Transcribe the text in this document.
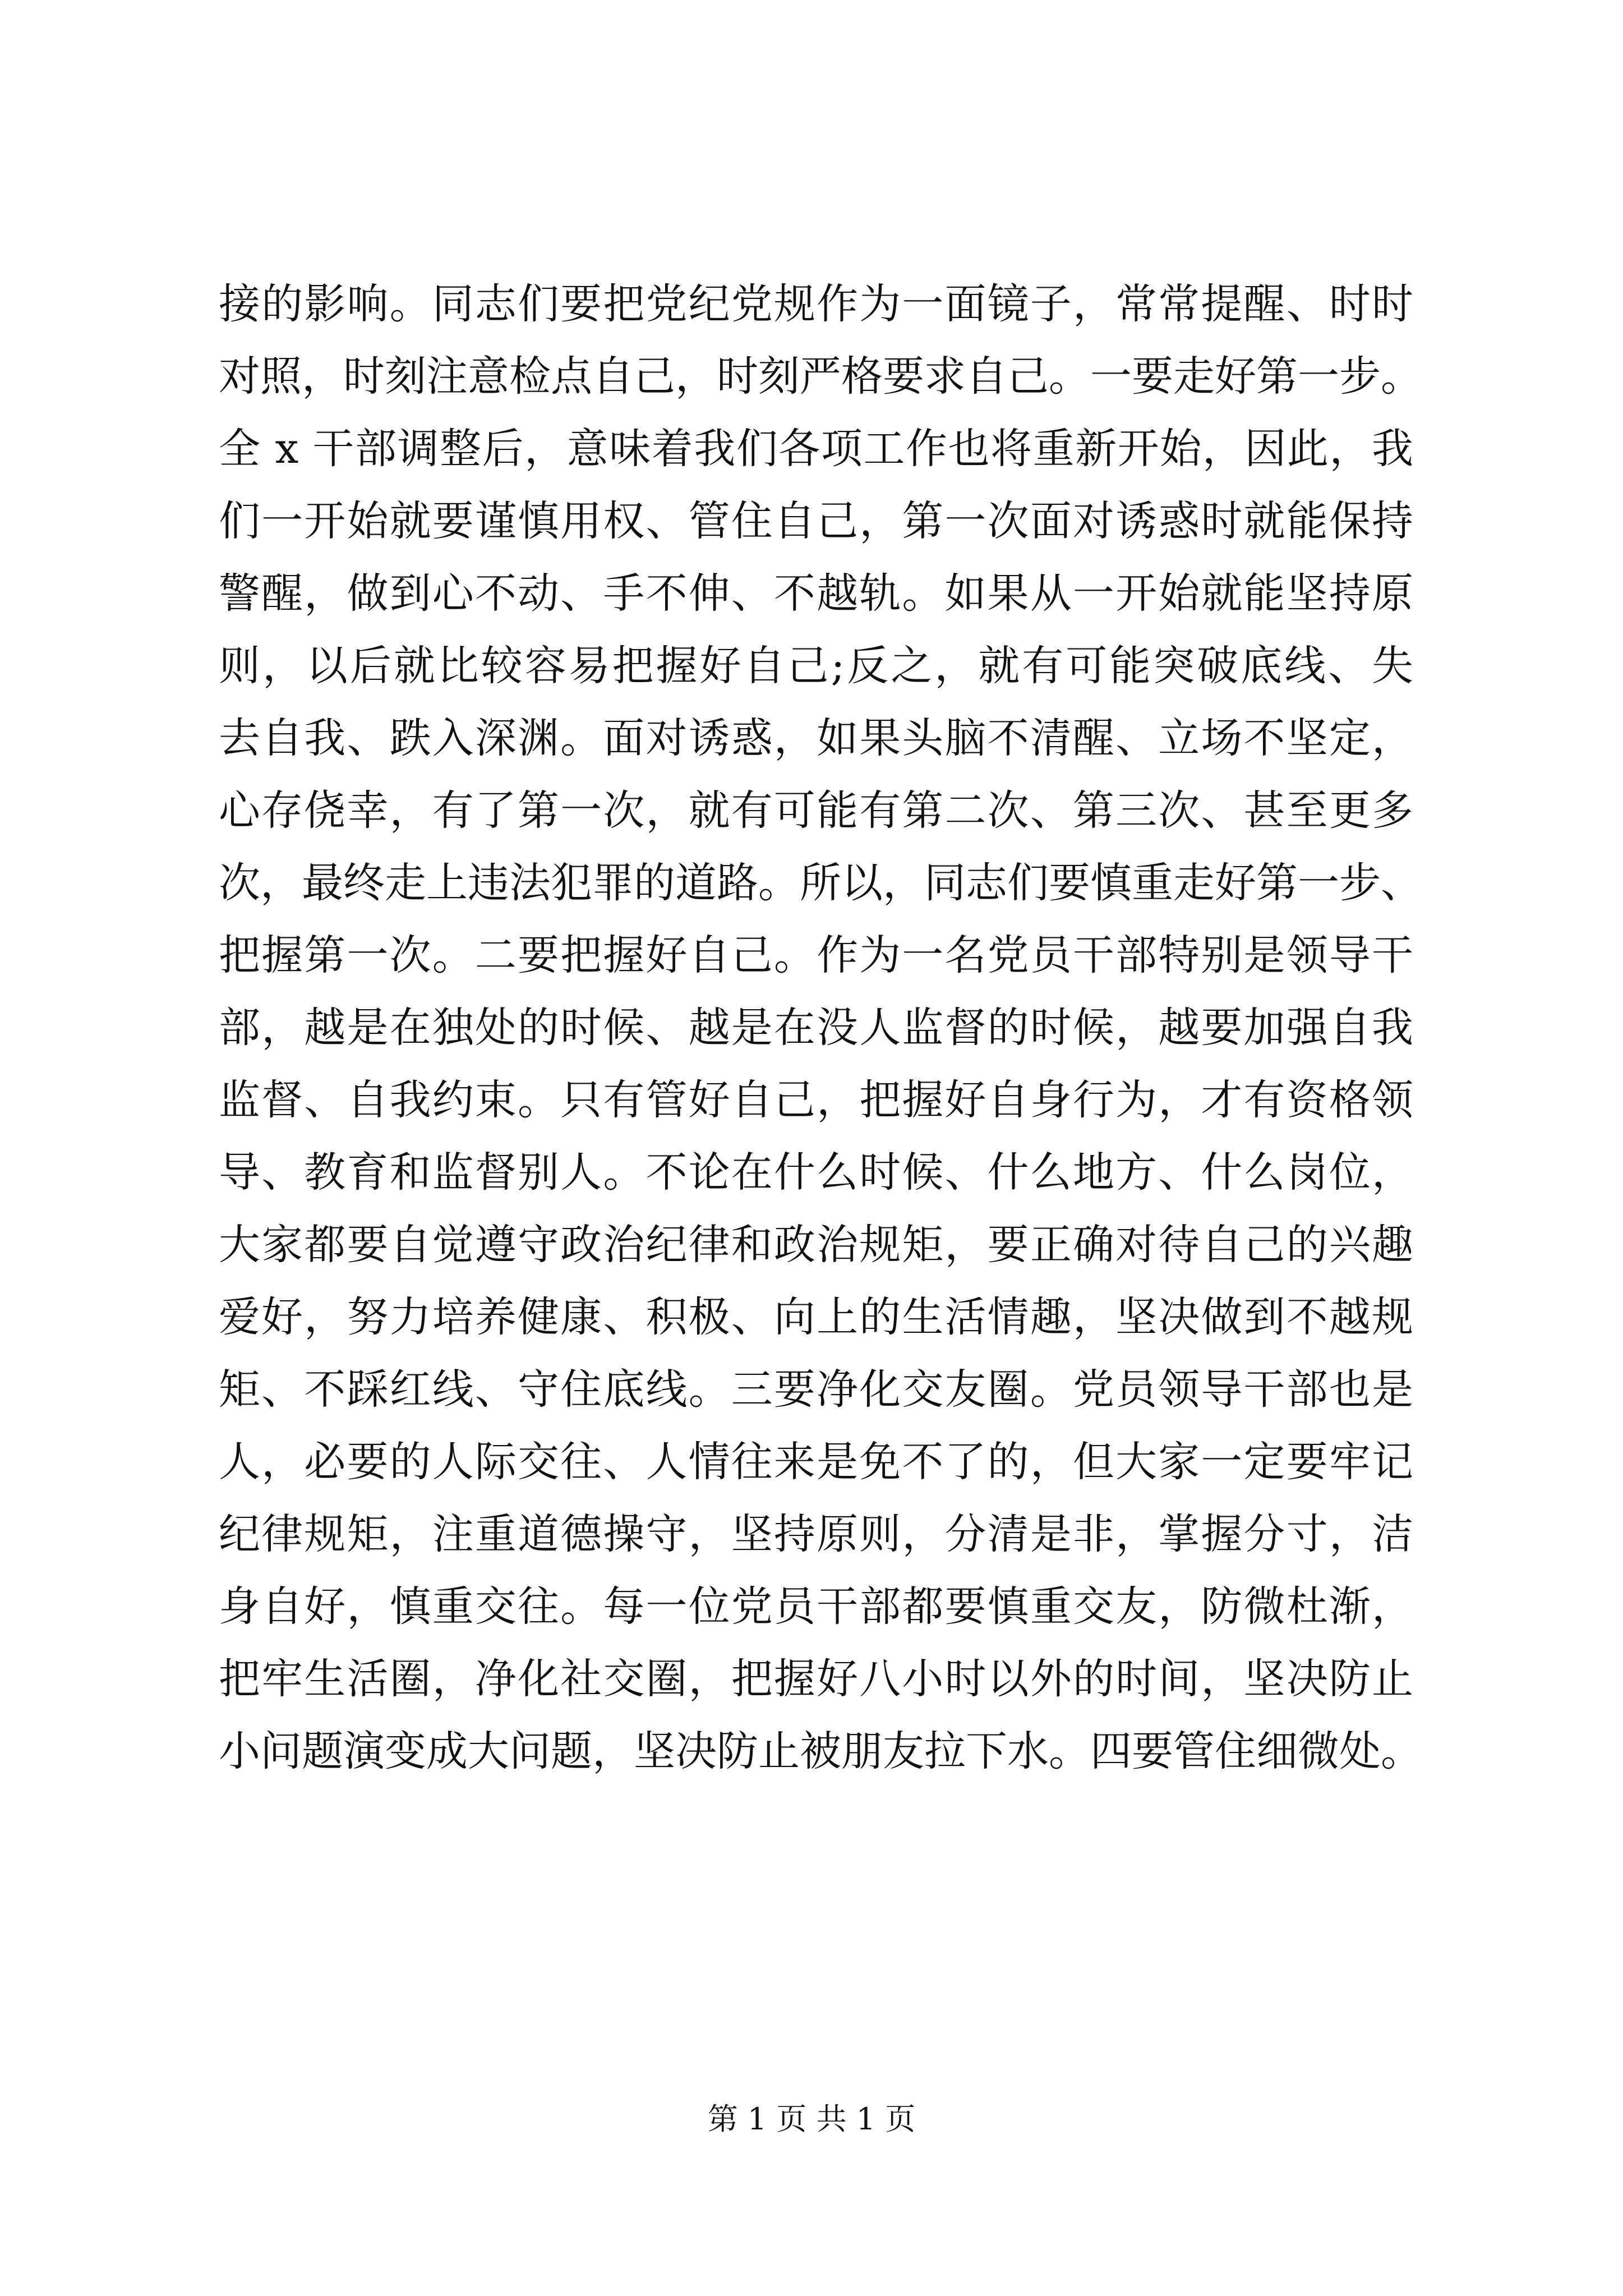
接的影响。同志们要把党纪党规作为一面镜子，常常提醒、时时
对照，时刻注意检点自己，时刻严格要求自己。一要走好第一步。
全 x 干部调整后，意味着我们各项工作也将重新开始，因此，我
们一开始就要谨慎用权、管住自己，第一次面对诱惑时就能保持
警醒，做到心不动、手不伸、不越轨。如果从一开始就能坚持原
则，以后就比较容易把握好自己;反之，就有可能突破底线、失
去自我、跌入深渊。面对诱惑，如果头脑不清醒、立场不坚定，
心存侥幸，有了第一次，就有可能有第二次、第三次、甚至更多
次，最终走上违法犯罪的道路。所以，同志们要慎重走好第一步、
把握第一次。二要把握好自己。作为一名党员干部特别是领导干
部，越是在独处的时候、越是在没人监督的时候，越要加强自我
监督、自我约束。只有管好自己，把握好自身行为，才有资格领
导、教育和监督别人。不论在什么时候、什么地方、什么岗位，
大家都要自觉遵守政治纪律和政治规矩，要正确对待自己的兴趣
爱好，努力培养健康、积极、向上的生活情趣，坚决做到不越规
矩、不踩红线、守住底线。三要净化交友圈。党员领导干部也是
人，必要的人际交往、人情往来是免不了的，但大家一定要牢记
纪律规矩，注重道德操守，坚持原则，分清是非，掌握分寸，洁
身自好，慎重交往。每一位党员干部都要慎重交友，防微杜渐，
把牢生活圈，净化社交圈，把握好八小时以外的时间，坚决防止
小问题演变成大问题，坚决防止被朋友拉下水。四要管住细微处。
第 1 页 共 1 页
